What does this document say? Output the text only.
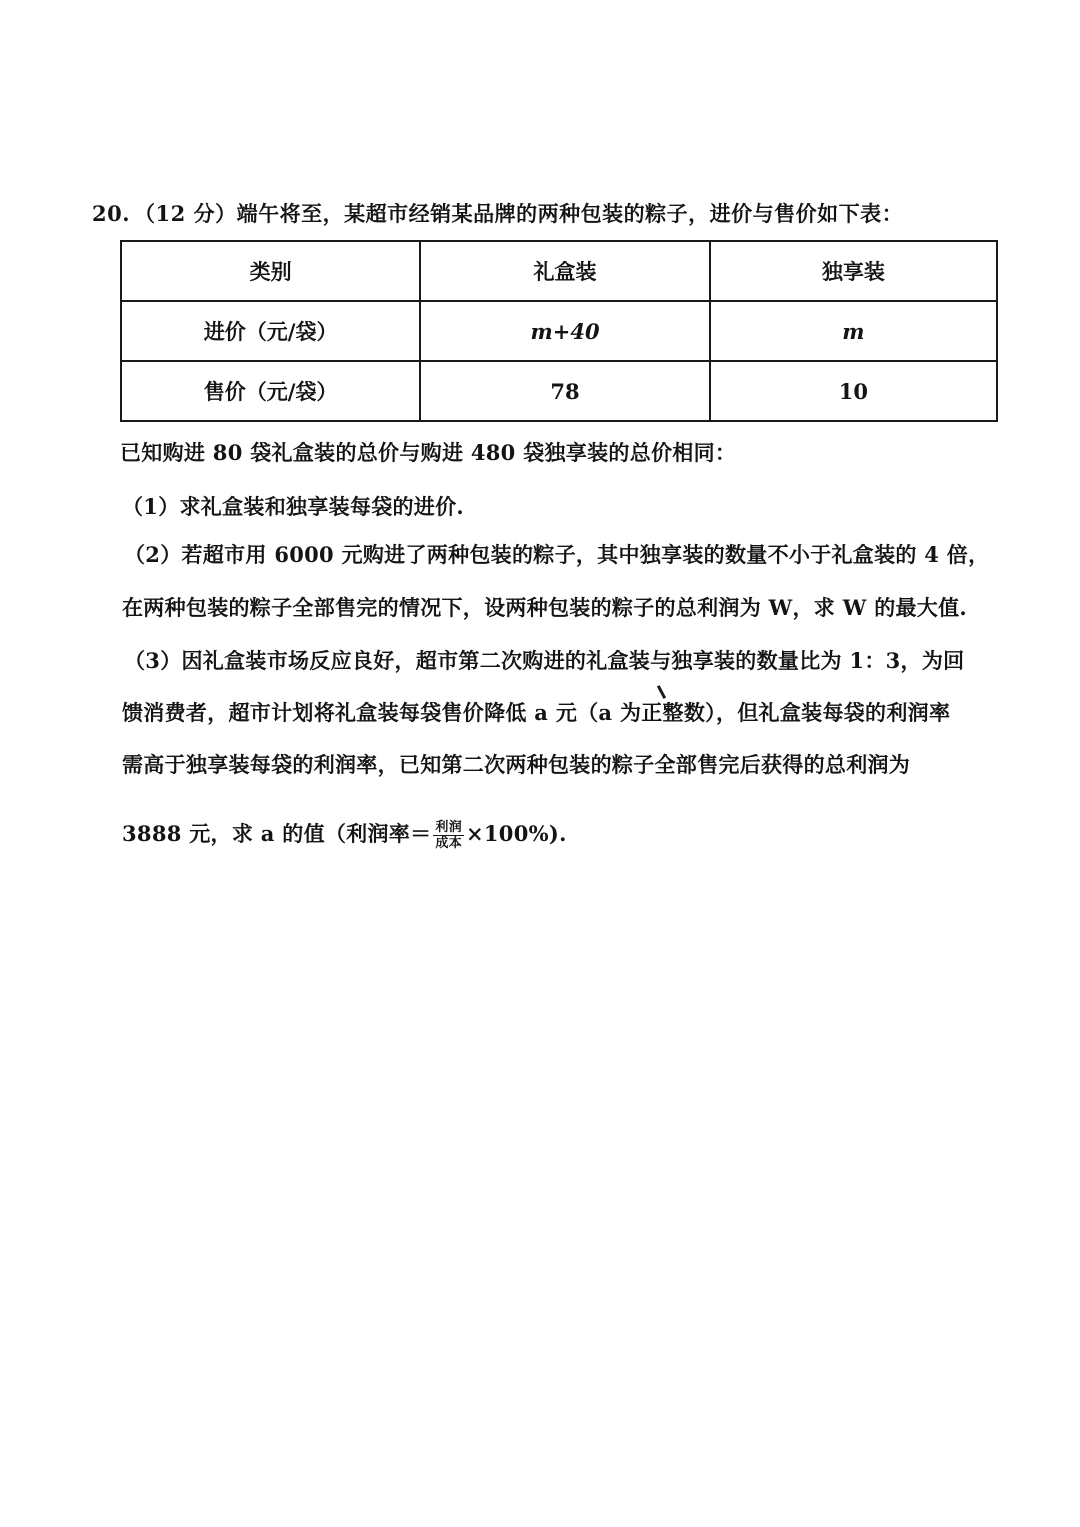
20. （12 分）端午将至，某超市经销某品牌的两种包装的粽子，进价与售价如下表：
类别	礼盒装	独享装
进价（元/袋）	m+40	m
售价（元/袋）	78	10
已知购进 80 袋礼盒装的总价与购进 480 袋独享装的总价相同：
（1）求礼盒装和独享装每袋的进价.
（2）若超市用 6000 元购进了两种包装的粽子，其中独享装的数量不小于礼盒装的 4 倍，
在两种包装的粽子全部售完的情况下，设两种包装的粽子的总利润为 W，求 W 的最大值.
（3）因礼盒装市场反应良好，超市第二次购进的礼盒装与独享装的数量比为 1：3，为回
馈消费者，超市计划将礼盒装每袋售价降低 a 元（a 为正整数），但礼盒装每袋的利润率
需高于独享装每袋的利润率，已知第二次两种包装的粽子全部售完后获得的总利润为
3888 元，求 a 的值（利润率＝ $\frac{\text{利润}}{\text{成本}} \times 100\%$).
